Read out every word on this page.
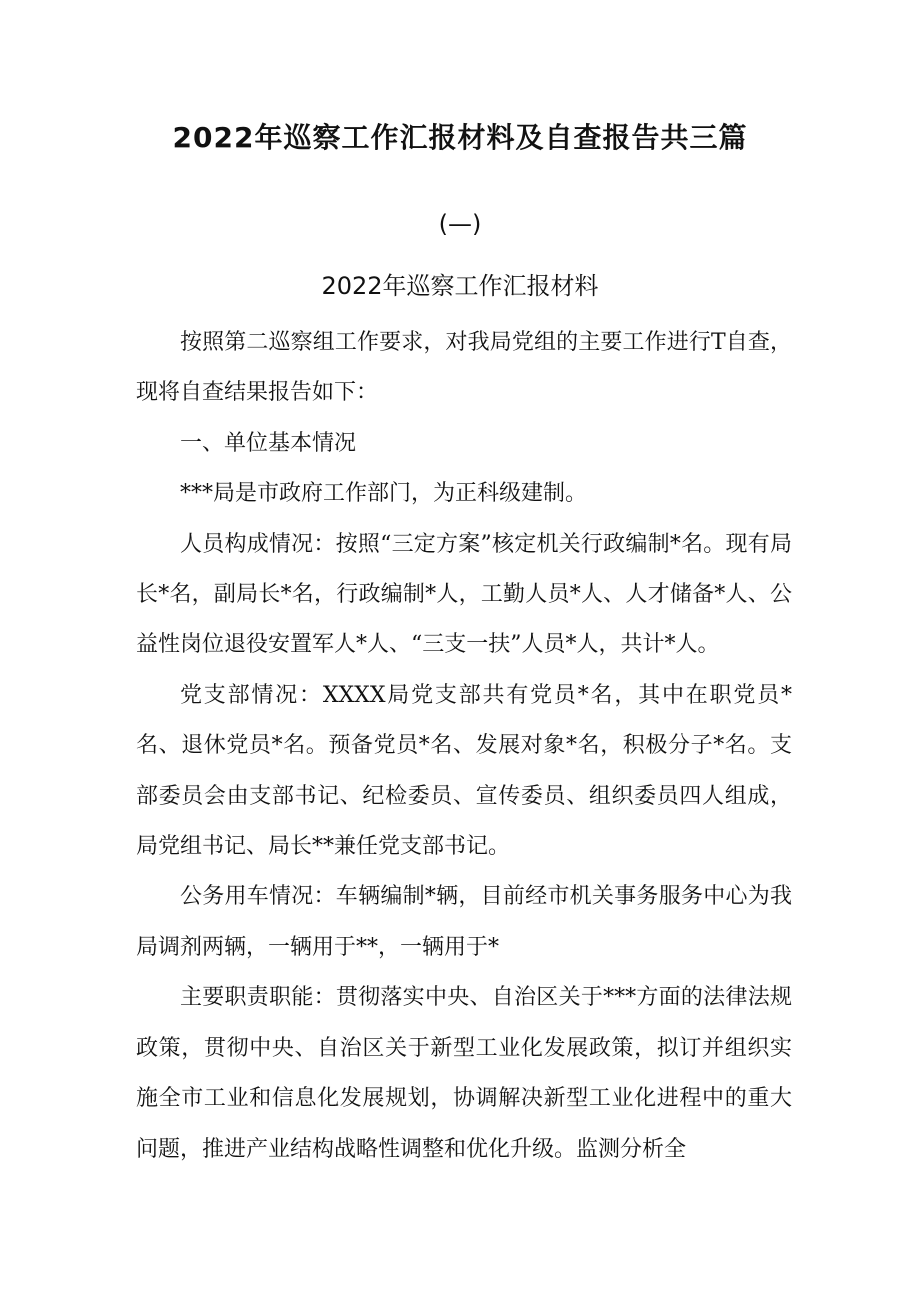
2022年巡察工作汇报材料及自查报告共三篇
(—)
2022年巡察工作汇报材料

按照第二巡察组工作要求，对我局党组的主要工作进行T自查，现将自查结果报告如下：

一、单位基本情况

***局是市政府工作部门，为正科级建制。

人员构成情况：按照“三定方案”核定机关行政编制*名。现有局长*名，副局长*名，行政编制*人，工勤人员*人、人才储备*人、公益性岗位退役安置军人*人、“三支一扶”人员*人，共计*人。

党支部情况：XXXX局党支部共有党员*名，其中在职党员*名、退休党员*名。预备党员*名、发展对象*名，积极分子*名。支部委员会由支部书记、纪检委员、宣传委员、组织委员四人组成，局党组书记、局长**兼任党支部书记。

公务用车情况：车辆编制*辆，目前经市机关事务服务中心为我局调剂两辆，一辆用于**，一辆用于*

主要职责职能：贯彻落实中央、自治区关于***方面的法律法规政策，贯彻中央、自治区关于新型工业化发展政策，拟订并组织实施全市工业和信息化发展规划，协调解决新型工业化进程中的重大问题，推进产业结构战略性调整和优化升级。监测分析全
